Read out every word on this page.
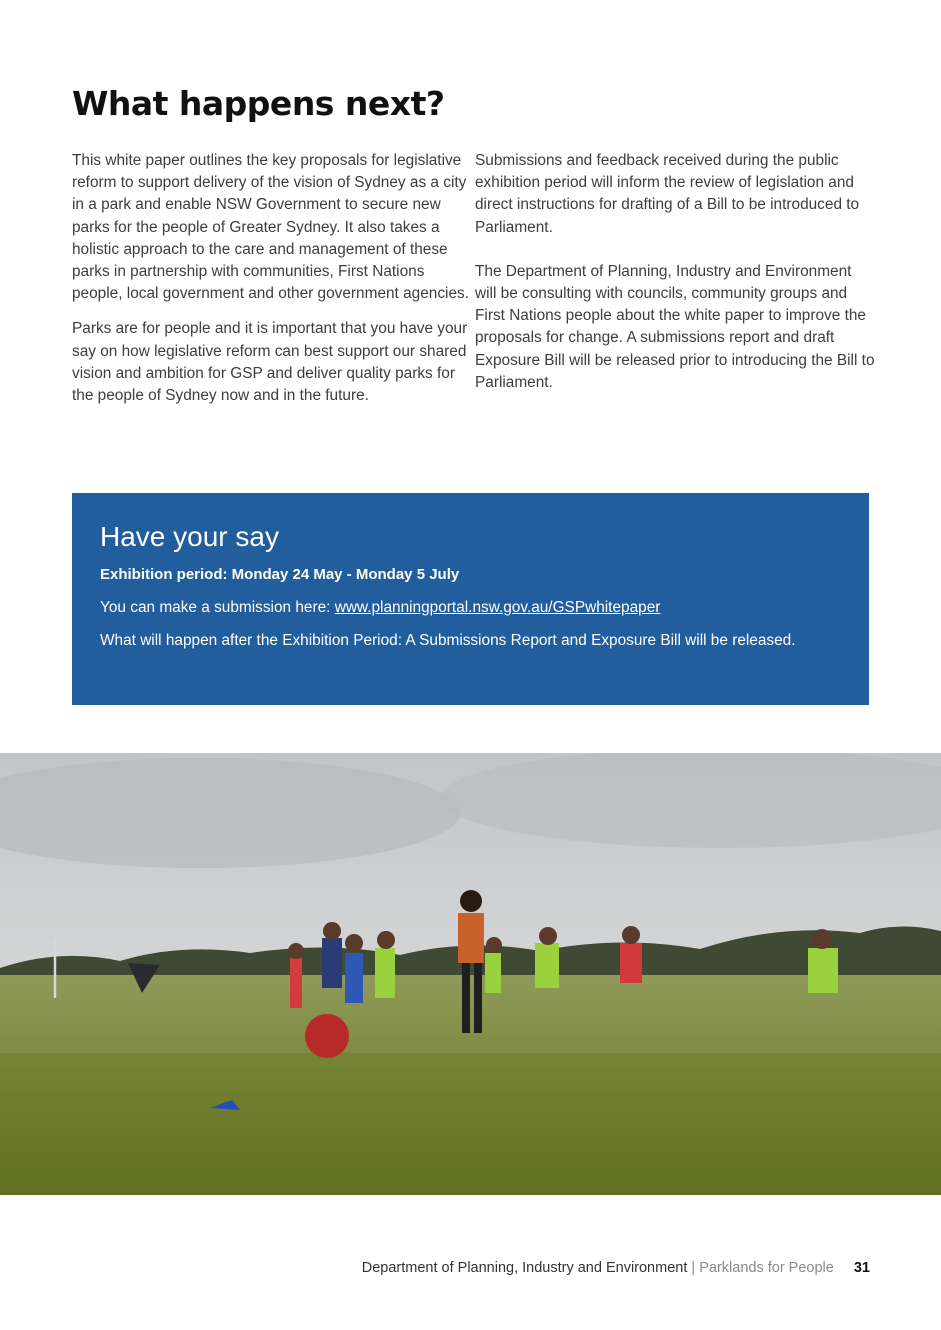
What happens next?

This white paper outlines the key proposals for legislative reform to support delivery of the vision of Sydney as a city in a park and enable NSW Government to secure new parks for the people of Greater Sydney. It also takes a holistic approach to the care and management of these parks in partnership with communities, First Nations people, local government and other government agencies.

Parks are for people and it is important that you have your say on how legislative reform can best support our shared vision and ambition for GSP and deliver quality parks for the people of Sydney now and in the future.

Submissions and feedback received during the public exhibition period will inform the review of legislation and direct instructions for drafting of a Bill to be introduced to Parliament.

The Department of Planning, Industry and Environment will be consulting with councils, community groups and First Nations people about the white paper to improve the proposals for change. A submissions report and draft Exposure Bill will be released prior to introducing the Bill to Parliament.

Have your say

Exhibition period: Monday 24 May - Monday 5 July

You can make a submission here: www.planningportal.nsw.gov.au/GSPwhitepaper

What will happen after the Exhibition Period: A Submissions Report and Exposure Bill will be released.

Department of Planning, Industry and Environment | Parklands for People 31
